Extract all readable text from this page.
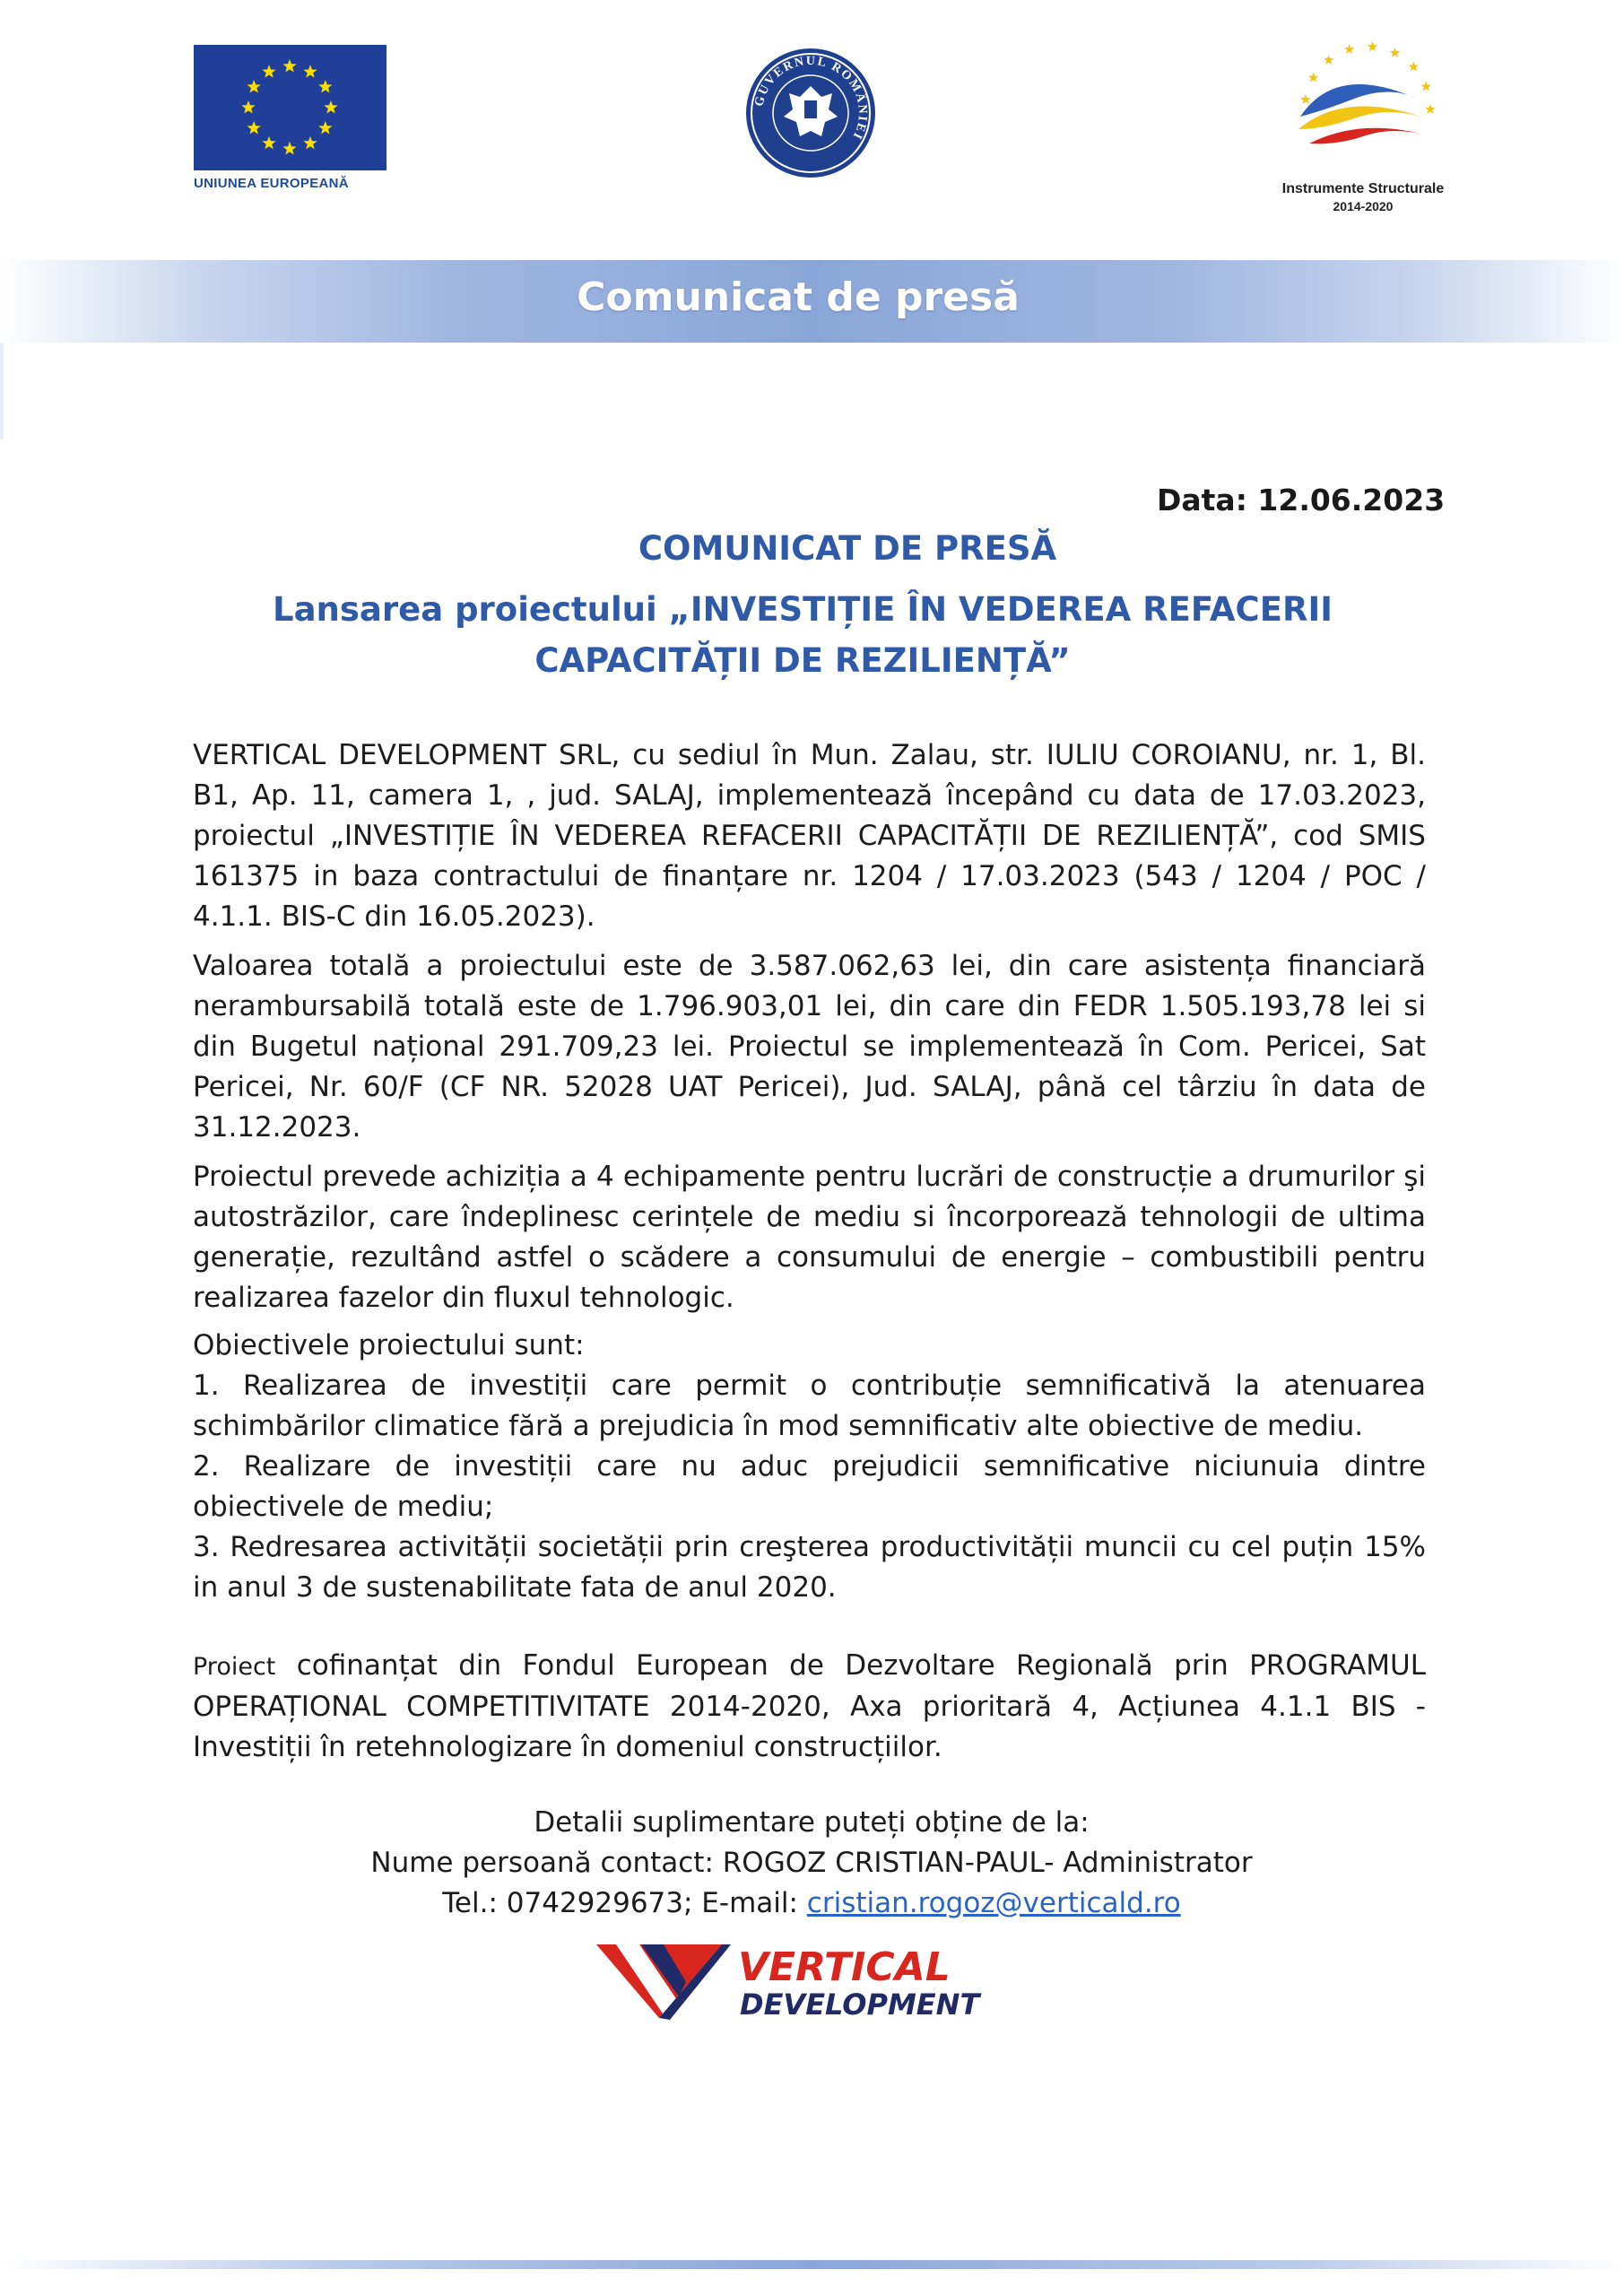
UNIUNEA EUROPEANĂ
GUVERNUL ROMÂNIEI
Instrumente Structurale
2014-2020
Comunicat de presă
Data: 12.06.2023
COMUNICAT DE PRESĂ
Lansarea proiectului „INVESTIȚIE ÎN VEDEREA REFACERII
CAPACITĂȚII DE REZILIENȚĂ”
VERTICAL DEVELOPMENT SRL, cu sediul în Mun. Zalau, str. IULIU COROIANU, nr. 1, Bl. B1, Ap. 11, camera 1, , jud. SALAJ, implementează începând cu data de 17.03.2023, proiectul „INVESTIȚIE ÎN VEDEREA REFACERII CAPACITĂȚII DE REZILIENȚĂ”, cod SMIS 161375 in baza contractului de finanțare nr. 1204 / 17.03.2023 (543 / 1204 / POC / 4.1.1. BIS-C din 16.05.2023).
Valoarea totală a proiectului este de 3.587.062,63 lei, din care asistența financiară nerambursabilă totală este de 1.796.903,01 lei, din care din FEDR 1.505.193,78 lei si din Bugetul național 291.709,23 lei. Proiectul se implementează în Com. Pericei, Sat Pericei, Nr. 60/F (CF NR. 52028 UAT Pericei), Jud. SALAJ, până cel târziu în data de 31.12.2023.
Proiectul prevede achiziția a 4 echipamente pentru lucrări de construcție a drumurilor şi autostrăzilor, care îndeplinesc cerințele de mediu si încorporează tehnologii de ultima generație, rezultând astfel o scădere a consumului de energie – combustibili pentru realizarea fazelor din fluxul tehnologic.
Obiectivele proiectului sunt:
1. Realizarea de investiții care permit o contribuție semnificativă la atenuarea schimbărilor climatice fără a prejudicia în mod semnificativ alte obiective de mediu.
2. Realizare de investiții care nu aduc prejudicii semnificative niciunuia dintre obiectivele de mediu;
3. Redresarea activității societății prin creşterea productivității muncii cu cel puțin 15% in anul 3 de sustenabilitate fata de anul 2020.
Proiect cofinanțat din Fondul European de Dezvoltare Regională prin PROGRAMUL OPERAȚIONAL COMPETITIVITATE 2014-2020, Axa prioritară 4, Acțiunea 4.1.1 BIS - Investiții în retehnologizare în domeniul construcțiilor.
Detalii suplimentare puteți obține de la:
Nume persoană contact: ROGOZ CRISTIAN-PAUL- Administrator
Tel.: 0742929673; E-mail: cristian.rogoz@verticald.ro
VERTICAL
DEVELOPMENT
